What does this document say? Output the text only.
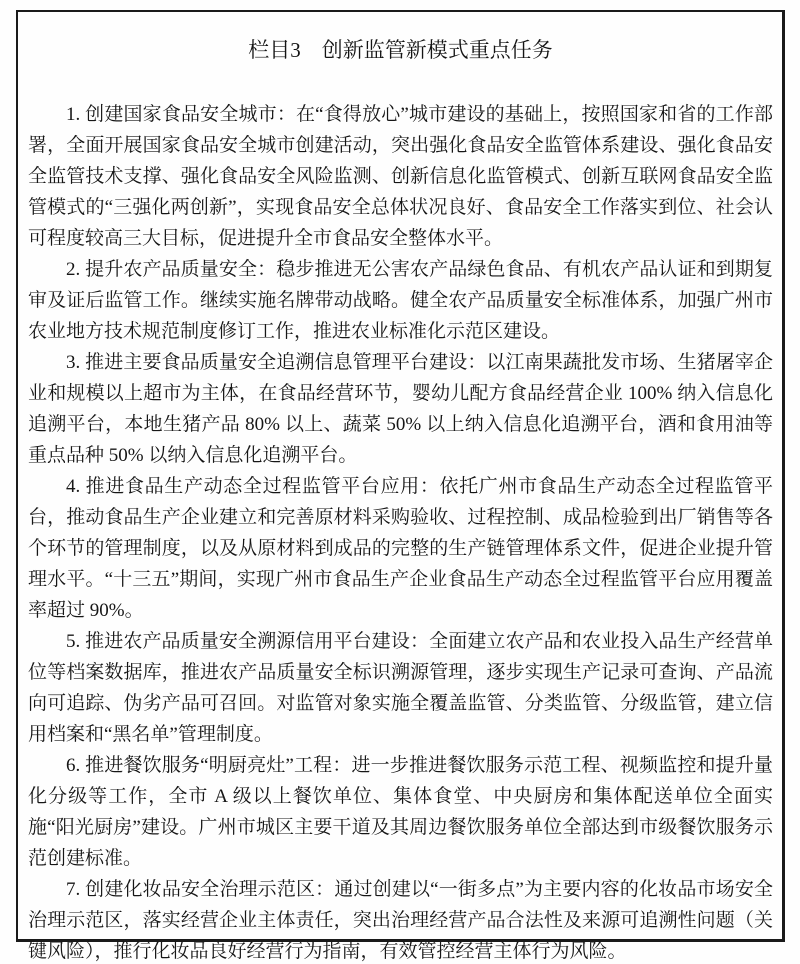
栏目3　创新监管新模式重点任务

1. 创建国家食品安全城市：在“食得放心”城市建设的基础上，按照国家和省的工作部署，全面开展国家食品安全城市创建活动，突出强化食品安全监管体系建设、强化食品安全监管技术支撑、强化食品安全风险监测、创新信息化监管模式、创新互联网食品安全监管模式的“三强化两创新”，实现食品安全总体状况良好、食品安全工作落实到位、社会认可程度较高三大目标，促进提升全市食品安全整体水平。

2. 提升农产品质量安全：稳步推进无公害农产品绿色食品、有机农产品认证和到期复审及证后监管工作。继续实施名牌带动战略。健全农产品质量安全标准体系，加强广州市农业地方技术规范制度修订工作，推进农业标准化示范区建设。

3. 推进主要食品质量安全追溯信息管理平台建设：以江南果蔬批发市场、生猪屠宰企业和规模以上超市为主体，在食品经营环节，婴幼儿配方食品经营企业 100% 纳入信息化追溯平台，本地生猪产品 80% 以上、蔬菜 50% 以上纳入信息化追溯平台，酒和食用油等重点品种 50% 以纳入信息化追溯平台。

4. 推进食品生产动态全过程监管平台应用：依托广州市食品生产动态全过程监管平台，推动食品生产企业建立和完善原材料采购验收、过程控制、成品检验到出厂销售等各个环节的管理制度，以及从原材料到成品的完整的生产链管理体系文件，促进企业提升管理水平。“十三五”期间，实现广州市食品生产企业食品生产动态全过程监管平台应用覆盖率超过 90%。

5. 推进农产品质量安全溯源信用平台建设：全面建立农产品和农业投入品生产经营单位等档案数据库，推进农产品质量安全标识溯源管理，逐步实现生产记录可查询、产品流向可追踪、伪劣产品可召回。对监管对象实施全覆盖监管、分类监管、分级监管，建立信用档案和“黑名单”管理制度。

6. 推进餐饮服务“明厨亮灶”工程：进一步推进餐饮服务示范工程、视频监控和提升量化分级等工作，全市 A 级以上餐饮单位、集体食堂、中央厨房和集体配送单位全面实施“阳光厨房”建设。广州市城区主要干道及其周边餐饮服务单位全部达到市级餐饮服务示范创建标准。

7. 创建化妆品安全治理示范区：通过创建以“一街多点”为主要内容的化妆品市场安全治理示范区，落实经营企业主体责任，突出治理经营产品合法性及来源可追溯性问题（关键风险），推行化妆品良好经营行为指南，有效管控经营主体行为风险。
